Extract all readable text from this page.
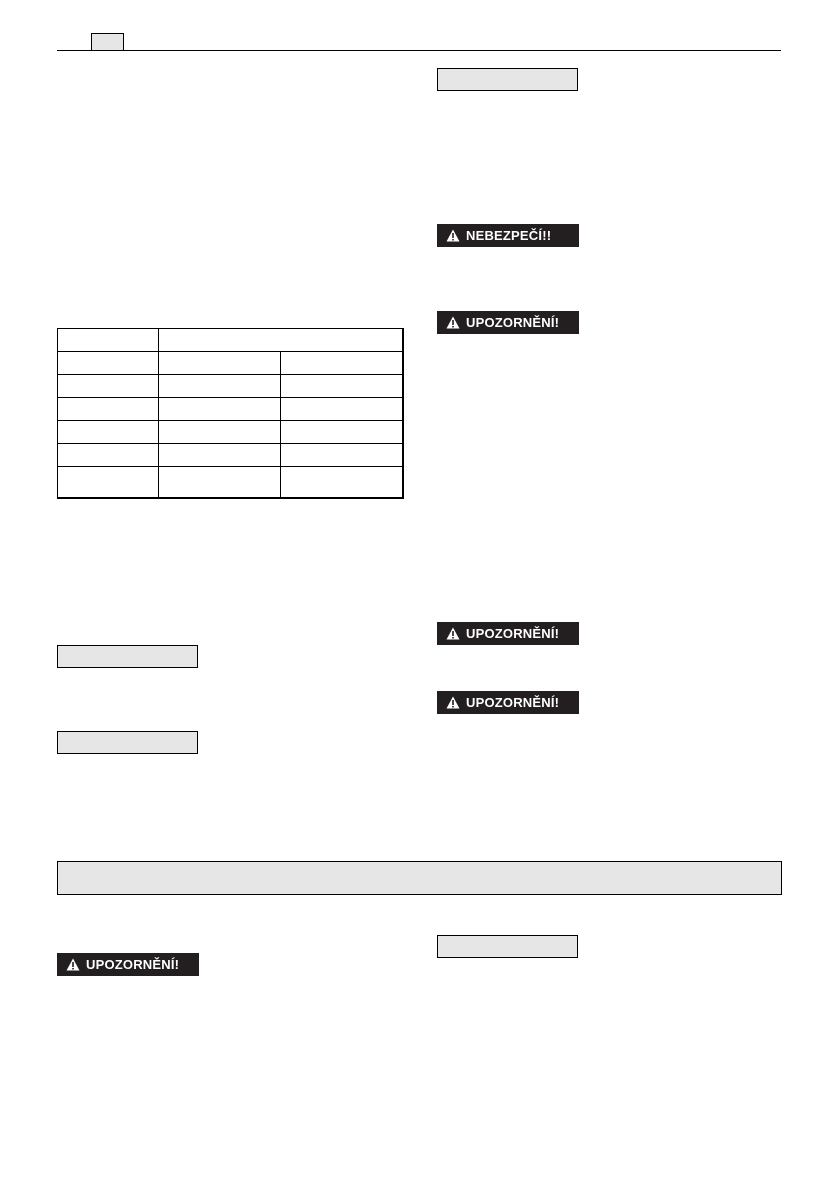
NEBEZPEČÍ!!
UPOZORNĚNÍ!
UPOZORNĚNÍ!
UPOZORNĚNÍ!
UPOZORNĚNÍ!
